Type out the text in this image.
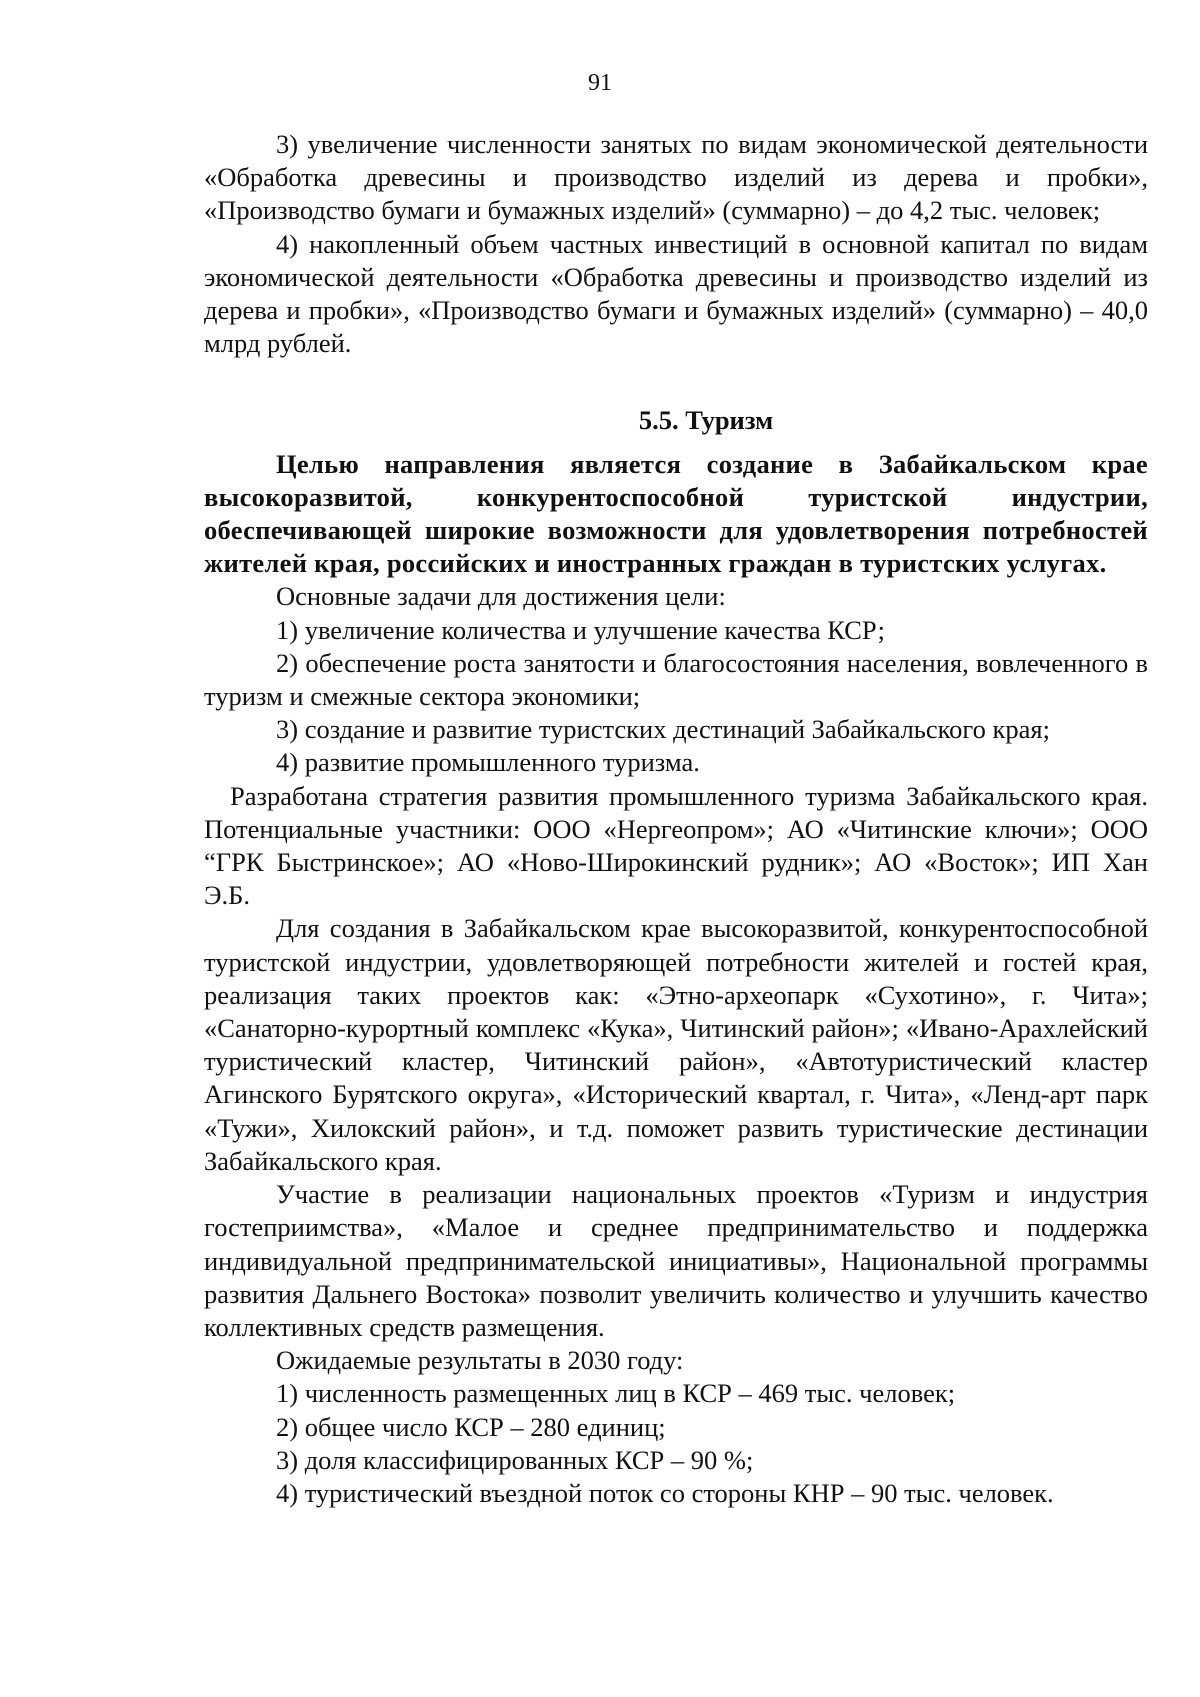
91

3) увеличение численности занятых по видам экономической деятельности «Обработка древесины и производство изделий из дерева и пробки», «Производство бумаги и бумажных изделий» (суммарно) – до 4,2 тыс. человек;

4) накопленный объем частных инвестиций в основной капитал по видам экономической деятельности «Обработка древесины и производство изделий из дерева и пробки», «Производство бумаги и бумажных изделий» (суммарно) – 40,0 млрд рублей.

5.5. Туризм

Целью направления является создание в Забайкальском крае высокоразвитой, конкурентоспособной туристской индустрии, обеспечивающей широкие возможности для удовлетворения потребностей жителей края, российских и иностранных граждан в туристских услугах.

Основные задачи для достижения цели:

1) увеличение количества и улучшение качества КСР;

2) обеспечение роста занятости и благосостояния населения, вовлеченного в туризм и смежные сектора экономики;

3) создание и развитие туристских дестинаций Забайкальского края;

4) развитие промышленного туризма.

Разработана стратегия развития промышленного туризма Забайкальского края. Потенциальные участники: ООО «Нергеопром»; АО «Читинские ключи»; ООО “ГРК Быстринское»; АО «Ново-Широкинский рудник»; АО «Восток»; ИП Хан Э.Б.

Для создания в Забайкальском крае высокоразвитой, конкурентоспособной туристской индустрии, удовлетворяющей потребности жителей и гостей края, реализация таких проектов как: «Этно-археопарк «Сухотино», г. Чита»; «Санаторно-курортный комплекс «Кука», Читинский район»; «Ивано-Арахлейский туристический кластер, Читинский район», «Автотуристический кластер Агинского Бурятского округа», «Исторический квартал, г. Чита», «Ленд-арт парк «Тужи», Хилокский район», и т.д. поможет развить туристические дестинации Забайкальского края.

Участие в реализации национальных проектов «Туризм и индустрия гостеприимства», «Малое и среднее предпринимательство и поддержка индивидуальной предпринимательской инициативы», Национальной программы развития Дальнего Востока» позволит увеличить количество и улучшить качество коллективных средств размещения.

Ожидаемые результаты в 2030 году:

1) численность размещенных лиц в КСР – 469 тыс. человек;

2) общее число КСР – 280 единиц;

3) доля классифицированных КСР – 90 %;

4) туристический въездной поток со стороны КНР – 90 тыс. человек.
